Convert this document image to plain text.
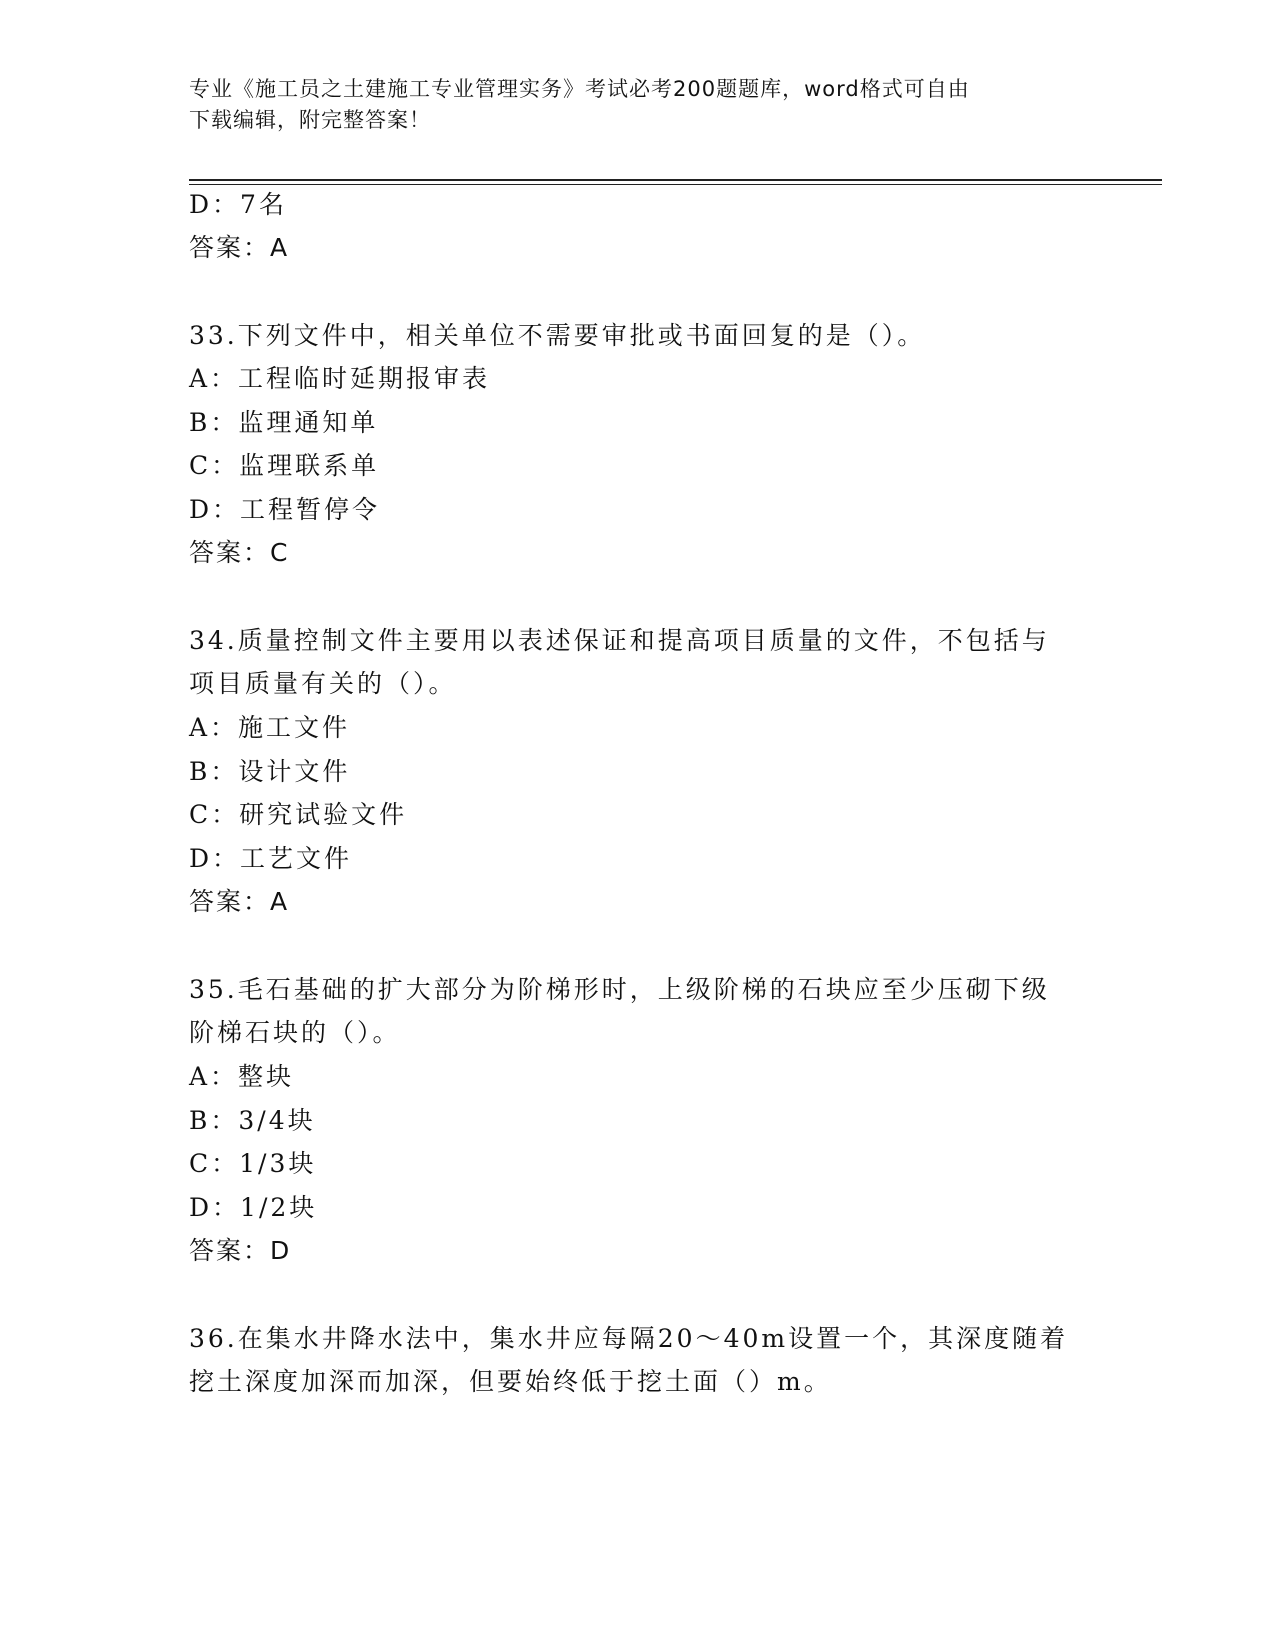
专业《施工员之土建施工专业管理实务》考试必考200题题库，word格式可自由
下载编辑，附完整答案！
D：7名
答案：A
33.下列文件中，相关单位不需要审批或书面回复的是（）。
A：工程临时延期报审表
B：监理通知单
C：监理联系单
D：工程暂停令
答案：C
34.质量控制文件主要用以表述保证和提高项目质量的文件，不包括与
项目质量有关的（）。
A：施工文件
B：设计文件
C：研究试验文件
D：工艺文件
答案：A
35.毛石基础的扩大部分为阶梯形时，上级阶梯的石块应至少压砌下级
阶梯石块的（）。
A：整块
B：3/4块
C：1/3块
D：1/2块
答案：D
36.在集水井降水法中，集水井应每隔20～40m设置一个，其深度随着
挖土深度加深而加深，但要始终低于挖土面（）m。
